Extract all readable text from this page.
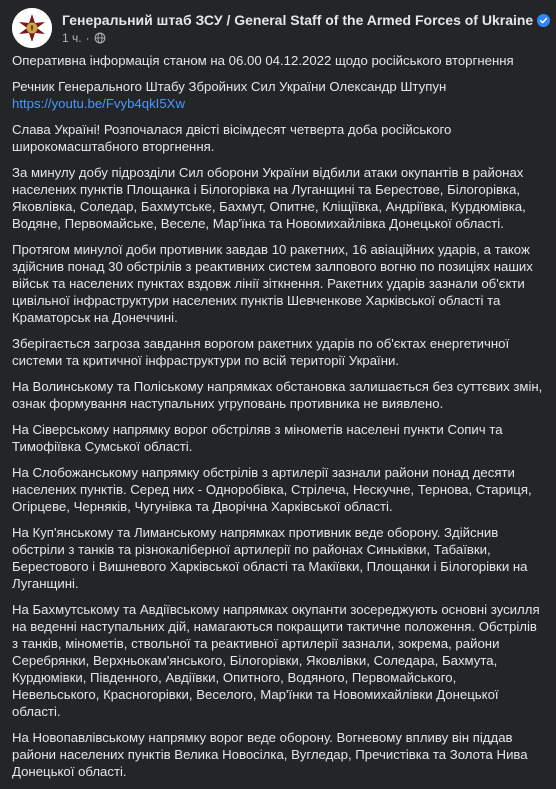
Генеральний штаб ЗСУ / General Staff of the Armed Forces of Ukraine
1 ч. ·

Оперативна інформація станом на 06.00 04.12.2022 щодо російського вторгнення

Речник Генерального Штабу Збройних Сил України Олександр Штупун

https://youtu.be/Fvyb4qkI5Xw

Слава Україні! Розпочалася двісті вісімдесят четверта доба російського широкомасштабного вторгнення.

За минулу добу підрозділи Сил оборони України відбили атаки окупантів в районах населених пунктів Площанка і Білогорівка на Луганщині та Берестове, Білогорівка, Яковлівка, Соледар, Бахмутське, Бахмут, Опитне, Кліщіївка, Андріївка, Курдюмівка, Водяне, Первомайське, Веселе, Мар'їнка та Новомихайлівка Донецької області.

Протягом минулої доби противник завдав 10 ракетних, 16 авіаційних ударів, а також здійснив понад 30 обстрілів з реактивних систем залпового вогню по позиціях наших військ та населених пунктах вздовж лінії зіткнення. Ракетних ударів зазнали об'єкти цивільної інфраструктури населених пунктів Шевченкове Харківської області та Краматорськ на Донеччині.

Зберігається загроза завдання ворогом ракетних ударів по об'єктах енергетичної системи та критичної інфраструктури по всій території України.

На Волинському та Поліському напрямках обстановка залишається без суттєвих змін, ознак формування наступальних угруповань противника не виявлено.

На Сіверському напрямку ворог обстріляв з мінометів населені пункти Сопич та Тимофіївка Сумської області.

На Слобожанському напрямку обстрілів з артилерії зазнали райони понад десяти населених пунктів. Серед них - Одноробівка, Стрілеча, Нескучне, Тернова, Стариця, Огірцеве, Черняків, Чугунівка та Дворічна Харківської області.

На Куп'янському та Лиманському напрямках противник веде оборону. Здійснив обстріли з танків та різнокаліберної артилерії по районах Синьківки, Табаївки, Берестового і Вишневого Харківської області та Макіївки, Площанки і Білогорівки на Луганщині.

На Бахмутському та Авдіївському напрямках окупанти зосереджують основні зусилля на веденні наступальних дій, намагаються покращити тактичне положення. Обстрілів з танків, мінометів, ствольної та реактивної артилерії зазнали, зокрема, райони Серебрянки, Верхньокам'янського, Білогорівки, Яковлівки, Соледара, Бахмута, Курдюмівки, Південного, Авдіївки, Опитного, Водяного, Первомайського, Невельського, Красногорівки, Веселого, Мар'їнки та Новомихайлівки Донецької області.

На Новопавлівському напрямку ворог веде оборону. Вогневому впливу він піддав райони населених пунктів Велика Новосілка, Вугледар, Пречистівка та Золота Нива Донецької області.
